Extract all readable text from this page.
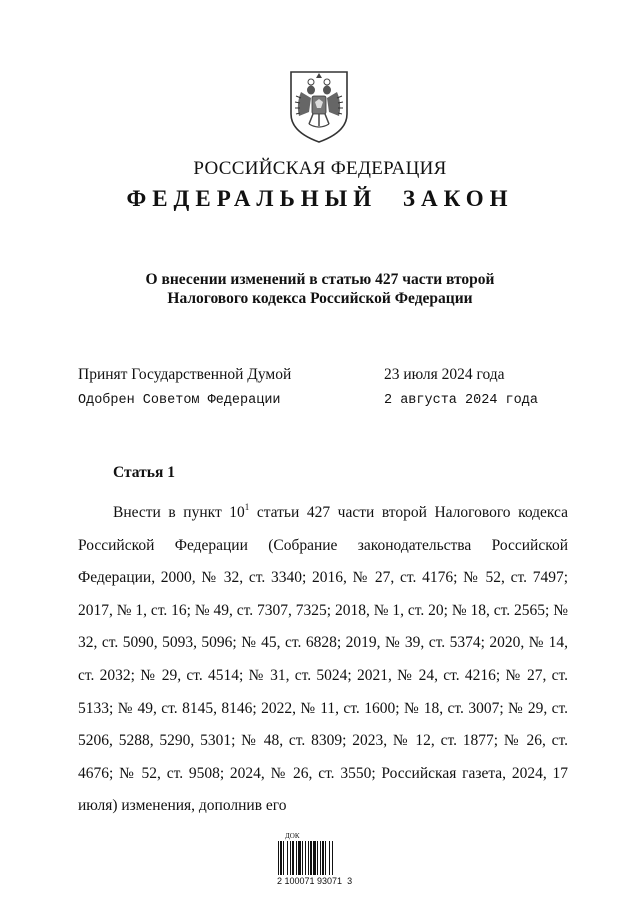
РОССИЙСКАЯ ФЕДЕРАЦИЯ
ФЕДЕРАЛЬНЫЙ ЗАКОН
О внесении изменений в статью 427 части второй
Налогового кодекса Российской Федерации
Принят Государственной Думой	23 июля 2024 года
Одобрен Советом Федерации	2 августа 2024 года
Статья 1
Внести в пункт $10^1$ статьи 427 части второй Налогового кодекса Российской Федерации (Собрание законодательства Российской Федерации, 2000, № 32, ст. 3340; 2016, № 27, ст. 4176; № 52, ст. 7497; 2017, № 1, ст. 16; № 49, ст. 7307, 7325; 2018, № 1, ст. 20; № 18, ст. 2565; № 32, ст. 5090, 5093, 5096; № 45, ст. 6828; 2019, № 39, ст. 5374; 2020, № 14, ст. 2032; № 29, ст. 4514; № 31, ст. 5024; 2021, № 24, ст. 4216; № 27, ст. 5133; № 49, ст. 8145, 8146; 2022, № 11, ст. 1600; № 18, ст. 3007; № 29, ст. 5206, 5288, 5290, 5301; № 48, ст. 8309; 2023, № 12, ст. 1877; № 26, ст. 4676; № 52, ст. 9508; 2024, № 26, ст. 3550; Российская газета, 2024, 17 июля) изменения, дополнив его
ДОК
2 100071 93071  3
